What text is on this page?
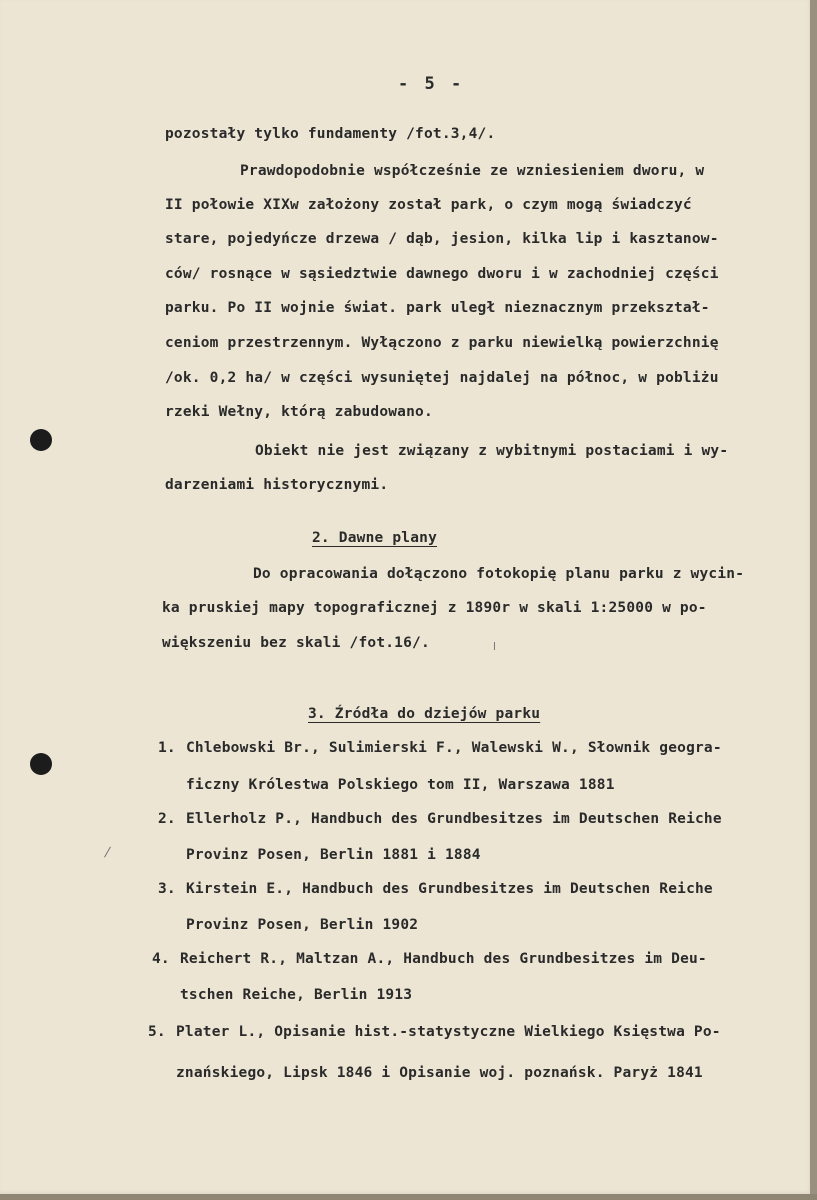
- 5 -
pozostały tylko fundamenty /fot.3,4/.
Prawdopodobnie współcześnie ze wzniesieniem dworu, w
II połowie XIXw założony został park, o czym mogą świadczyć
stare, pojedyńcze drzewa / dąb, jesion, kilka lip i kasztanow-
ców/ rosnące w sąsiedztwie dawnego dworu i w zachodniej części
parku. Po II wojnie świat. park uległ nieznacznym przekształ-
ceniom przestrzennym. Wyłączono z parku niewielką powierzchnię
/ok. 0,2 ha/ w części wysuniętej najdalej na północ, w pobliżu
rzeki Wełny, którą zabudowano.
Obiekt nie jest związany z wybitnymi postaciami i wy-
darzeniami historycznymi.
2. Dawne plany
Do opracowania dołączono fotokopię planu parku z wycin-
ka pruskiej mapy topograficznej z 1890r w skali 1:25000 w po-
większeniu bez skali /fot.16/.
3. Źródła do dziejów parku
1. Chlebowski Br., Sulimierski F., Walewski W., Słownik geogra-
ficzny Królestwa Polskiego tom II, Warszawa 1881
2. Ellerholz P., Handbuch des Grundbesitzes im Deutschen Reiche
Provinz Posen, Berlin 1881 i 1884
3. Kirstein E., Handbuch des Grundbesitzes im Deutschen Reiche
Provinz Posen, Berlin 1902
4. Reichert R., Maltzan A., Handbuch des Grundbesitzes im Deu-
tschen Reiche, Berlin 1913
5. Plater L., Opisanie hist.-statystyczne Wielkiego Księstwa Po-
znańskiego, Lipsk 1846 i Opisanie woj. poznańsk. Paryż 1841
